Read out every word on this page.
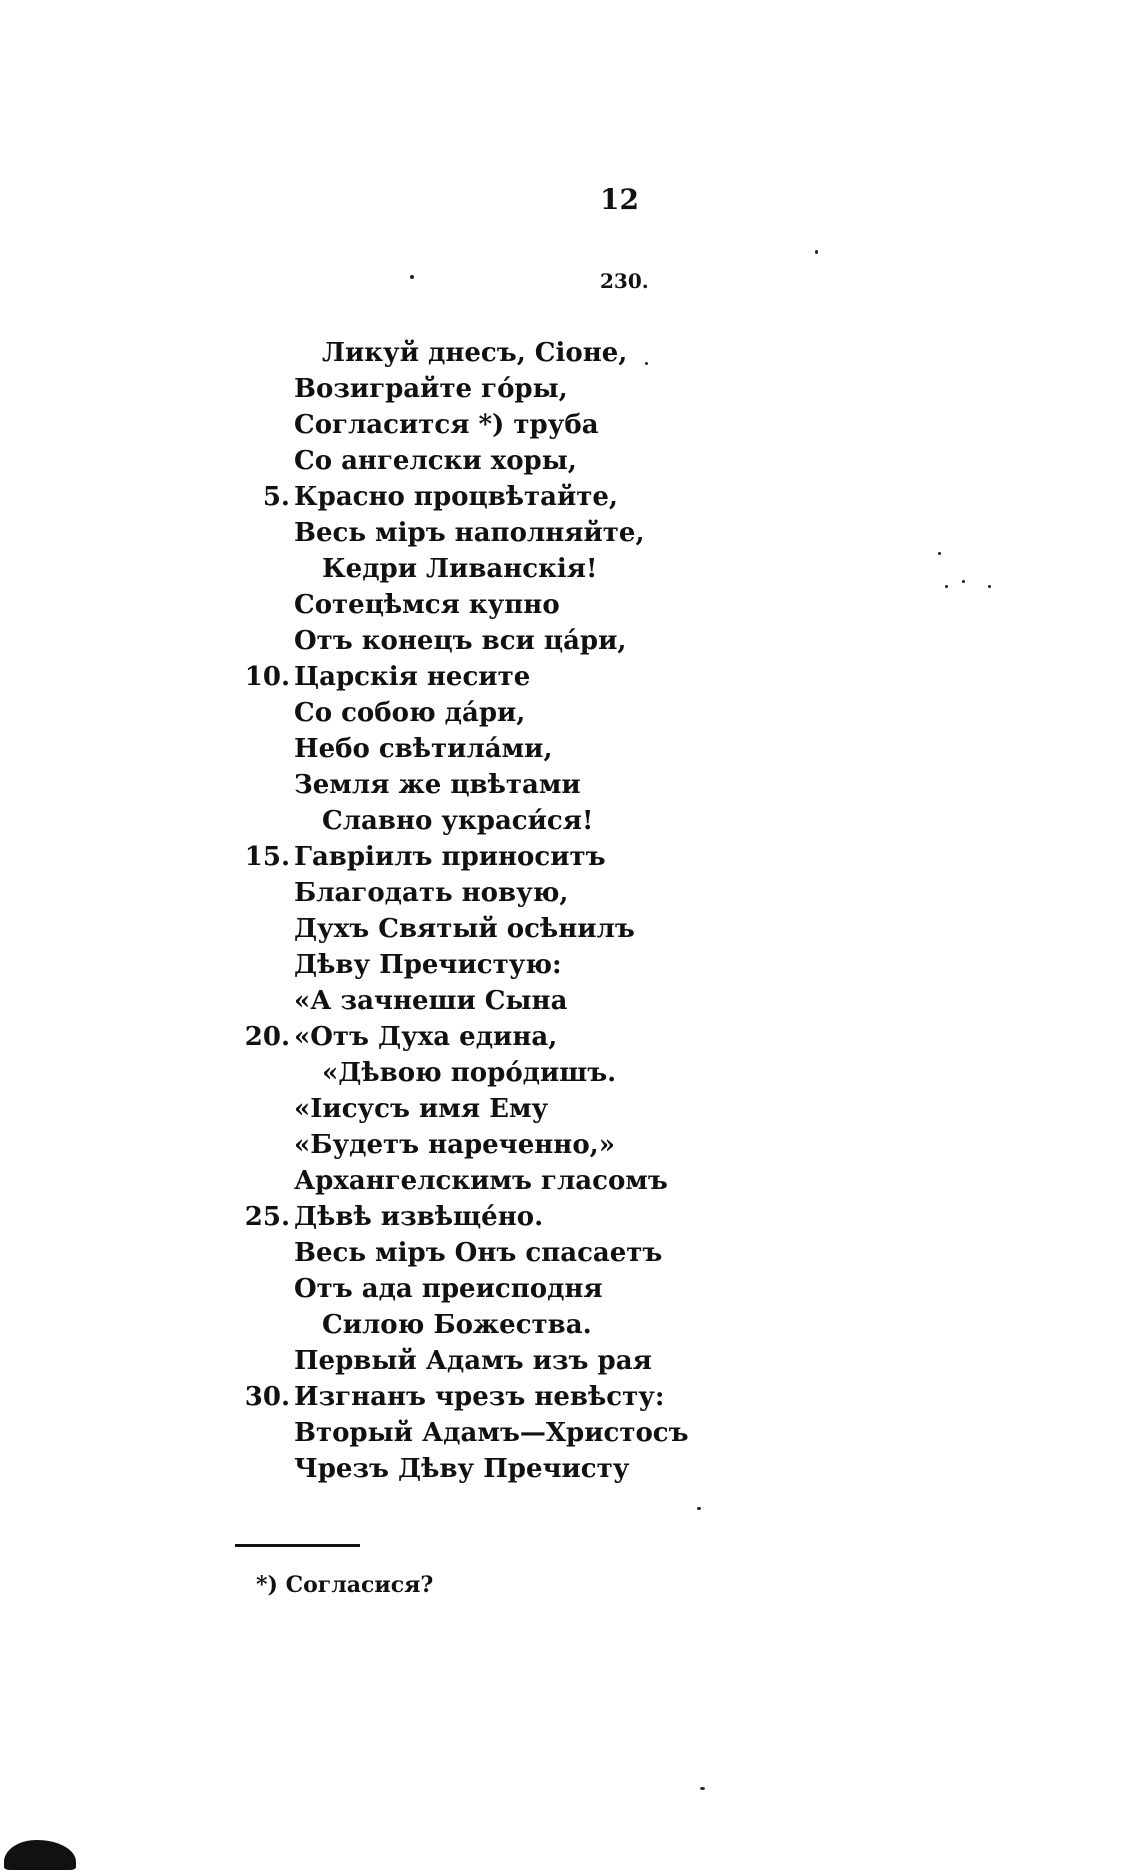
12
230.
Ликуй днесъ, Сіоне,
Возиграйте го́ры,
Согласится *) труба
Со ангелски хоры,
5. Красно процвѣтайте,
Весь міръ наполняйте,
Кедри Ливанскія!
Сотецѣмся купно
Отъ конецъ вси ца́ри,
10. Царскія несите
Со собою да́ри,
Небо свѣтила́ми,
Земля же цвѣтами
Славно украси́ся!
15. Гавріилъ приноситъ
Благодать новую,
Духъ Святый осѣнилъ
Дѣву Пречистую:
«А зачнеши Сына
20. «Отъ Духа едина,
«Дѣвою поро́дишъ.
«Іисусъ имя Ему
«Будетъ нареченно,»
Архангелскимъ гласомъ
25. Дѣвѣ извѣще́но.
Весь міръ Онъ спасаетъ
Отъ ада преисподня
Силою Божества.
Первый Адамъ изъ рая
30. Изгнанъ чрезъ невѣсту:
Вторый Адамъ—Христосъ
Чрезъ Дѣву Пречисту
*) Согласися?
